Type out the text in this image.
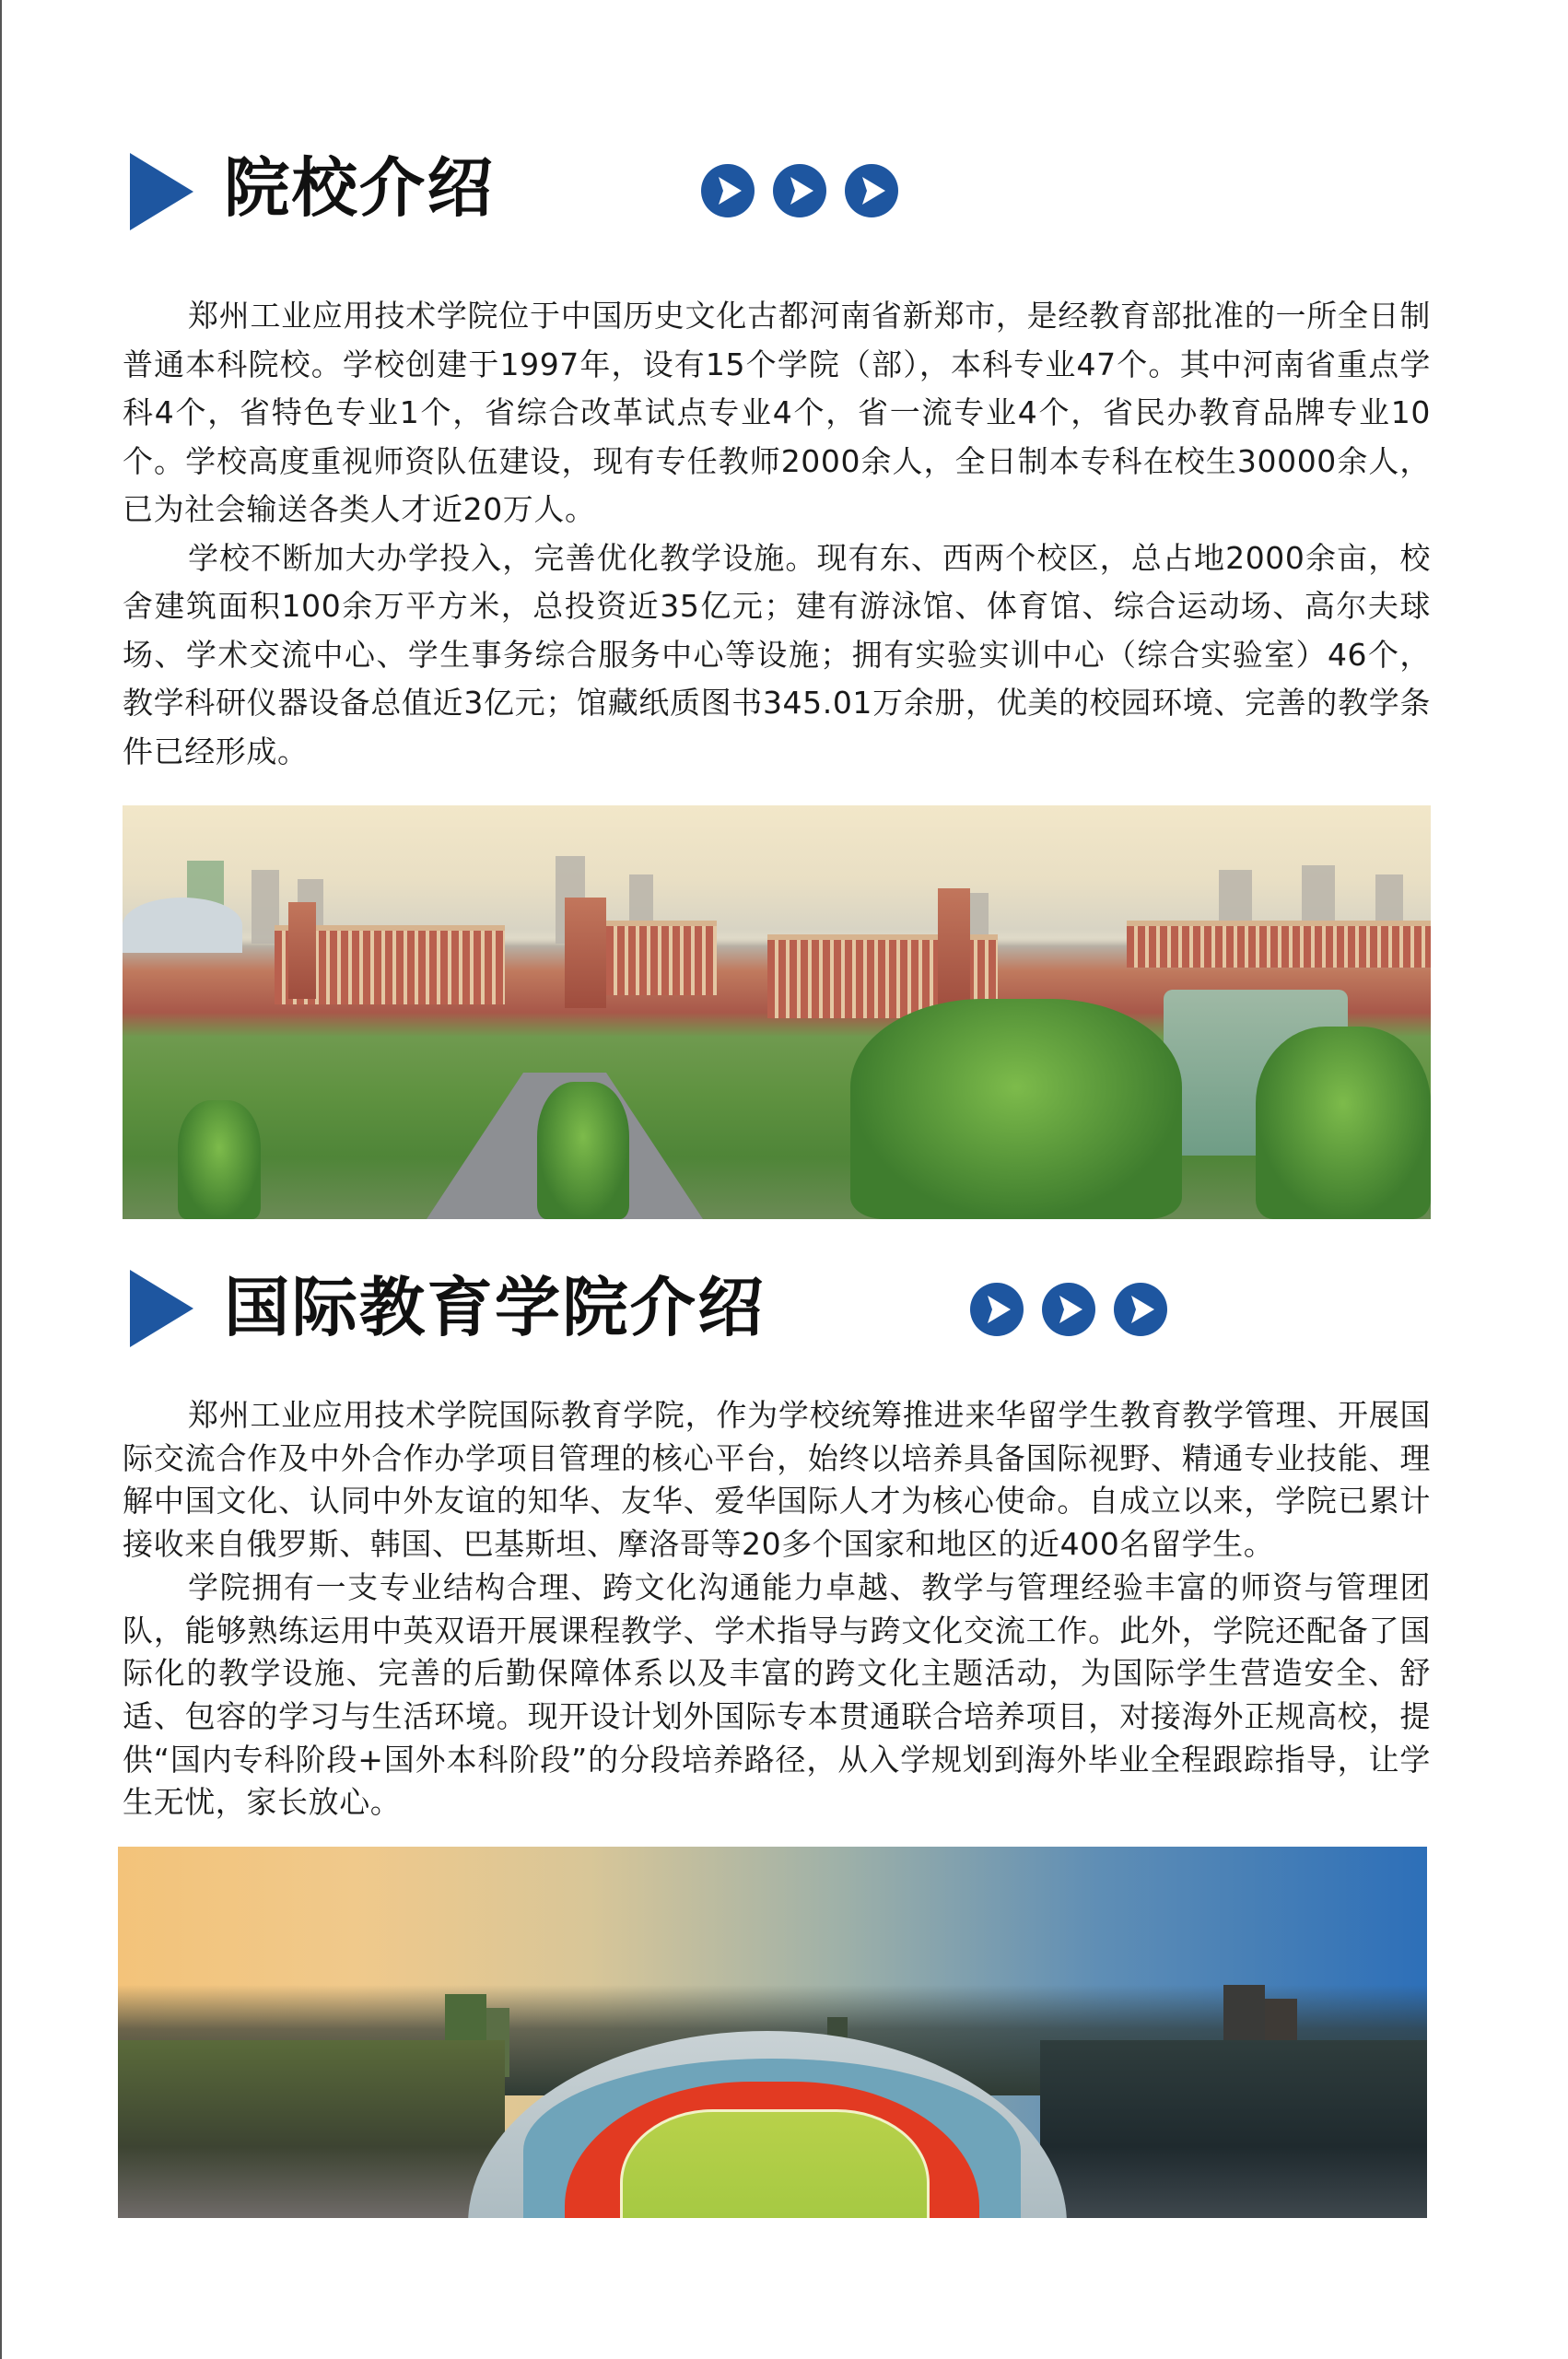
院校介绍

郑州工业应用技术学院位于中国历史文化古都河南省新郑市，是经教育部批准的一所全日制普通本科院校。学校创建于1997年，设有15个学院（部），本科专业47个。其中河南省重点学科4个，省特色专业1个，省综合改革试点专业4个，省一流专业4个，省民办教育品牌专业10个。学校高度重视师资队伍建设，现有专任教师2000余人，全日制本专科在校生30000余人，已为社会输送各类人才近20万人。

学校不断加大办学投入，完善优化教学设施。现有东、西两个校区，总占地2000余亩，校舍建筑面积100余万平方米，总投资近35亿元；建有游泳馆、体育馆、综合运动场、高尔夫球场、学术交流中心、学生事务综合服务中心等设施；拥有实验实训中心（综合实验室）46个，教学科研仪器设备总值近3亿元；馆藏纸质图书345.01万余册，优美的校园环境、完善的教学条件已经形成。

国际教育学院介绍

郑州工业应用技术学院国际教育学院，作为学校统筹推进来华留学生教育教学管理、开展国际交流合作及中外合作办学项目管理的核心平台，始终以培养具备国际视野、精通专业技能、理解中国文化、认同中外友谊的知华、友华、爱华国际人才为核心使命。自成立以来，学院已累计接收来自俄罗斯、韩国、巴基斯坦、摩洛哥等20多个国家和地区的近400名留学生。

学院拥有一支专业结构合理、跨文化沟通能力卓越、教学与管理经验丰富的师资与管理团队，能够熟练运用中英双语开展课程教学、学术指导与跨文化交流工作。此外，学院还配备了国际化的教学设施、完善的后勤保障体系以及丰富的跨文化主题活动，为国际学生营造安全、舒适、包容的学习与生活环境。现开设计划外国际专本贯通联合培养项目，对接海外正规高校，提供“国内专科阶段+国外本科阶段”的分段培养路径，从入学规划到海外毕业全程跟踪指导，让学生无忧，家长放心。
